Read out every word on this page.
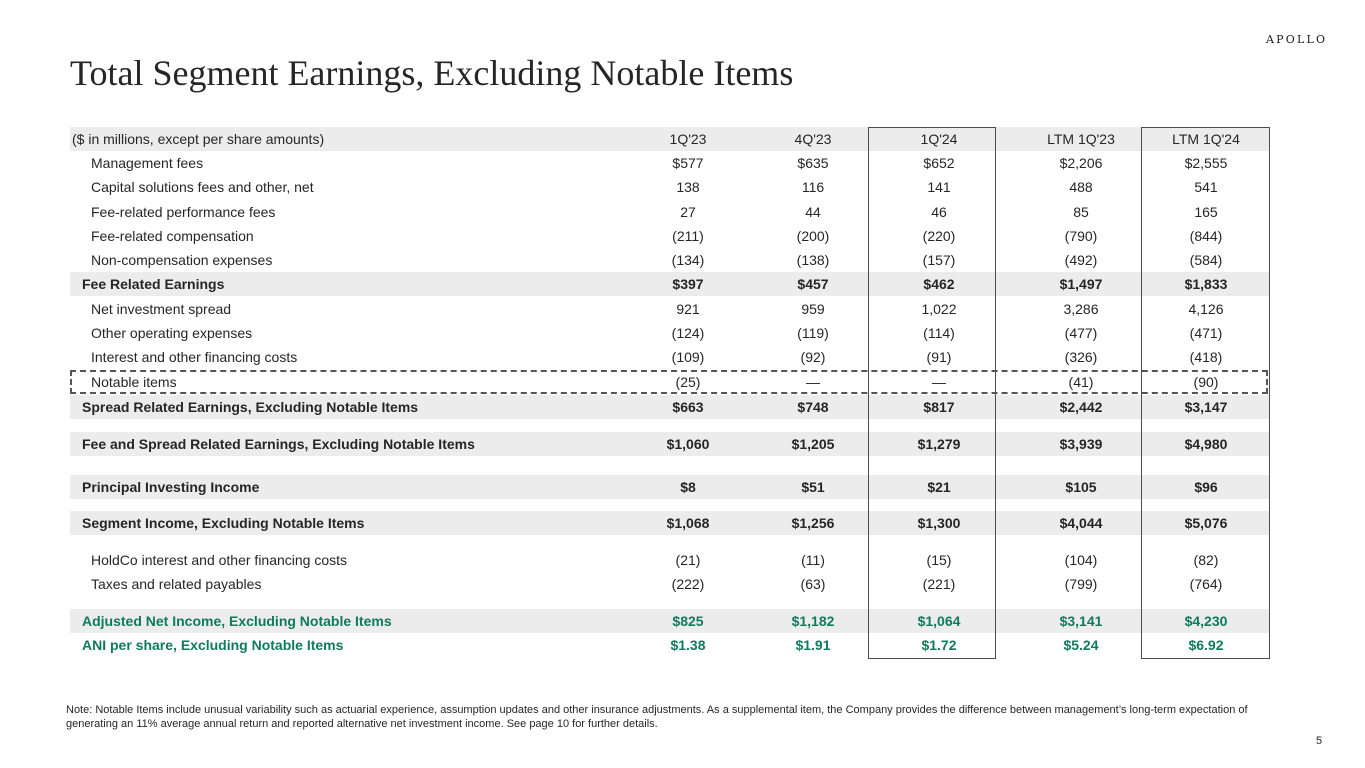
APOLLO
Total Segment Earnings, Excluding Notable Items
($ in millions, except per share amounts)	1Q'23	4Q'23	1Q'24	LTM 1Q'23	LTM 1Q'24
Management fees	$577	$635	$652	$2,206	$2,555
Capital solutions fees and other, net	138	116	141	488	541
Fee-related performance fees	27	44	46	85	165
Fee-related compensation	(211)	(200)	(220)	(790)	(844)
Non-compensation expenses	(134)	(138)	(157)	(492)	(584)
Fee Related Earnings	$397	$457	$462	$1,497	$1,833
Net investment spread	921	959	1,022	3,286	4,126
Other operating expenses	(124)	(119)	(114)	(477)	(471)
Interest and other financing costs	(109)	(92)	(91)	(326)	(418)
Notable items	(25)	—	—	(41)	(90)
Spread Related Earnings, Excluding Notable Items	$663	$748	$817	$2,442	$3,147
Fee and Spread Related Earnings, Excluding Notable Items	$1,060	$1,205	$1,279	$3,939	$4,980
Principal Investing Income	$8	$51	$21	$105	$96
Segment Income, Excluding Notable Items	$1,068	$1,256	$1,300	$4,044	$5,076
HoldCo interest and other financing costs	(21)	(11)	(15)	(104)	(82)
Taxes and related payables	(222)	(63)	(221)	(799)	(764)
Adjusted Net Income, Excluding Notable Items	$825	$1,182	$1,064	$3,141	$4,230
ANI per share, Excluding Notable Items	$1.38	$1.91	$1.72	$5.24	$6.92
Note: Notable Items include unusual variability such as actuarial experience, assumption updates and other insurance adjustments. As a supplemental item, the Company provides the difference between management’s long-term expectation of generating an 11% average annual return and reported alternative net investment income. See page 10 for further details.
5
